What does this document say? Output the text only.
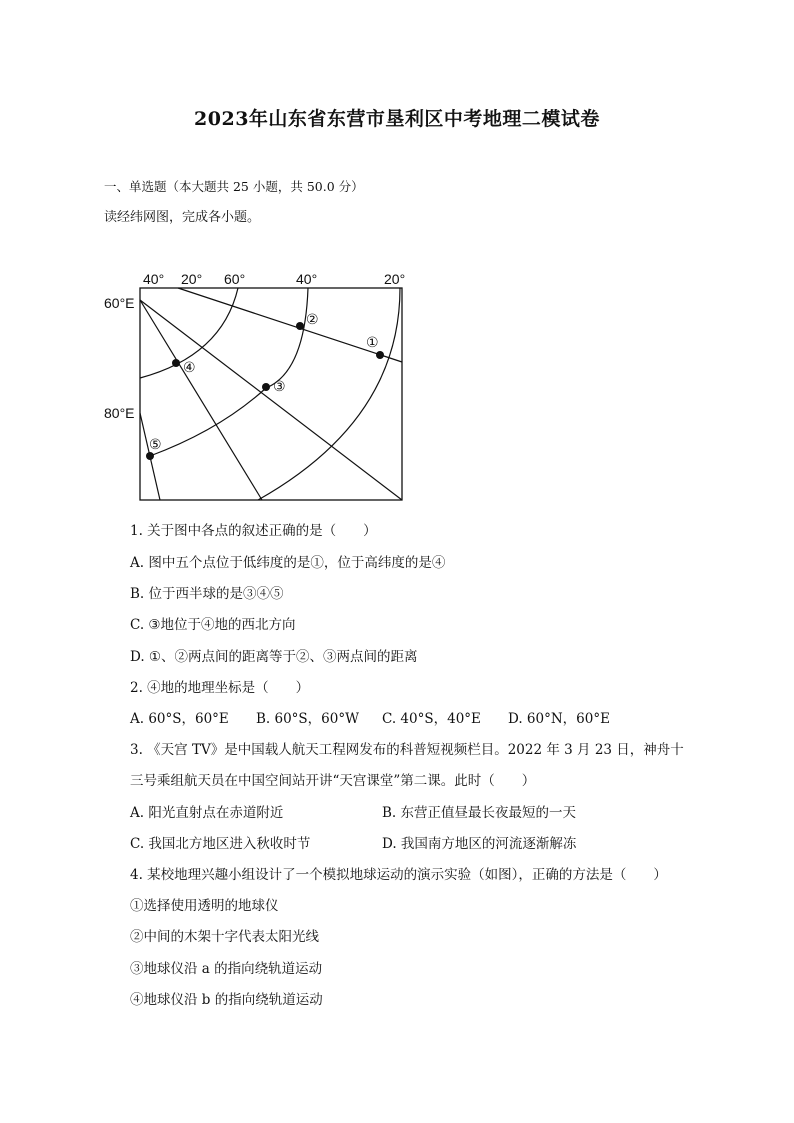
2023年山东省东营市垦利区中考地理二模试卷
一、单选题（本大题共 25 小题，共 50.0 分）
读经纬网图，完成各小题。
40° 20° 60°	40°	20°
60°E
80°E
①
②
③
④
⑤
1. 关于图中各点的叙述正确的是（　　）
A. 图中五个点位于低纬度的是①，位于高纬度的是④
B. 位于西半球的是③④⑤
C. ③地位于④地的西北方向
D. ①、②两点间的距离等于②、③两点间的距离
2. ④地的地理坐标是（　　）
A. 60°S，60°E B. 60°S，60°W C. 40°S，40°E D. 60°N，60°E
3. 《天宫 TV》是中国载人航天工程网发布的科普短视频栏目。2022 年 3 月 23 日，神舟十
三号乘组航天员在中国空间站开讲“天宫课堂”第二课。此时（　　）
A. 阳光直射点在赤道附近	B. 东营正值昼最长夜最短的一天
C. 我国北方地区进入秋收时节	D. 我国南方地区的河流逐渐解冻
4. 某校地理兴趣小组设计了一个模拟地球运动的演示实验（如图），正确的方法是（　　）
①选择使用透明的地球仪
②中间的木架十字代表太阳光线
③地球仪沿 a 的指向绕轨道运动
④地球仪沿 b 的指向绕轨道运动
